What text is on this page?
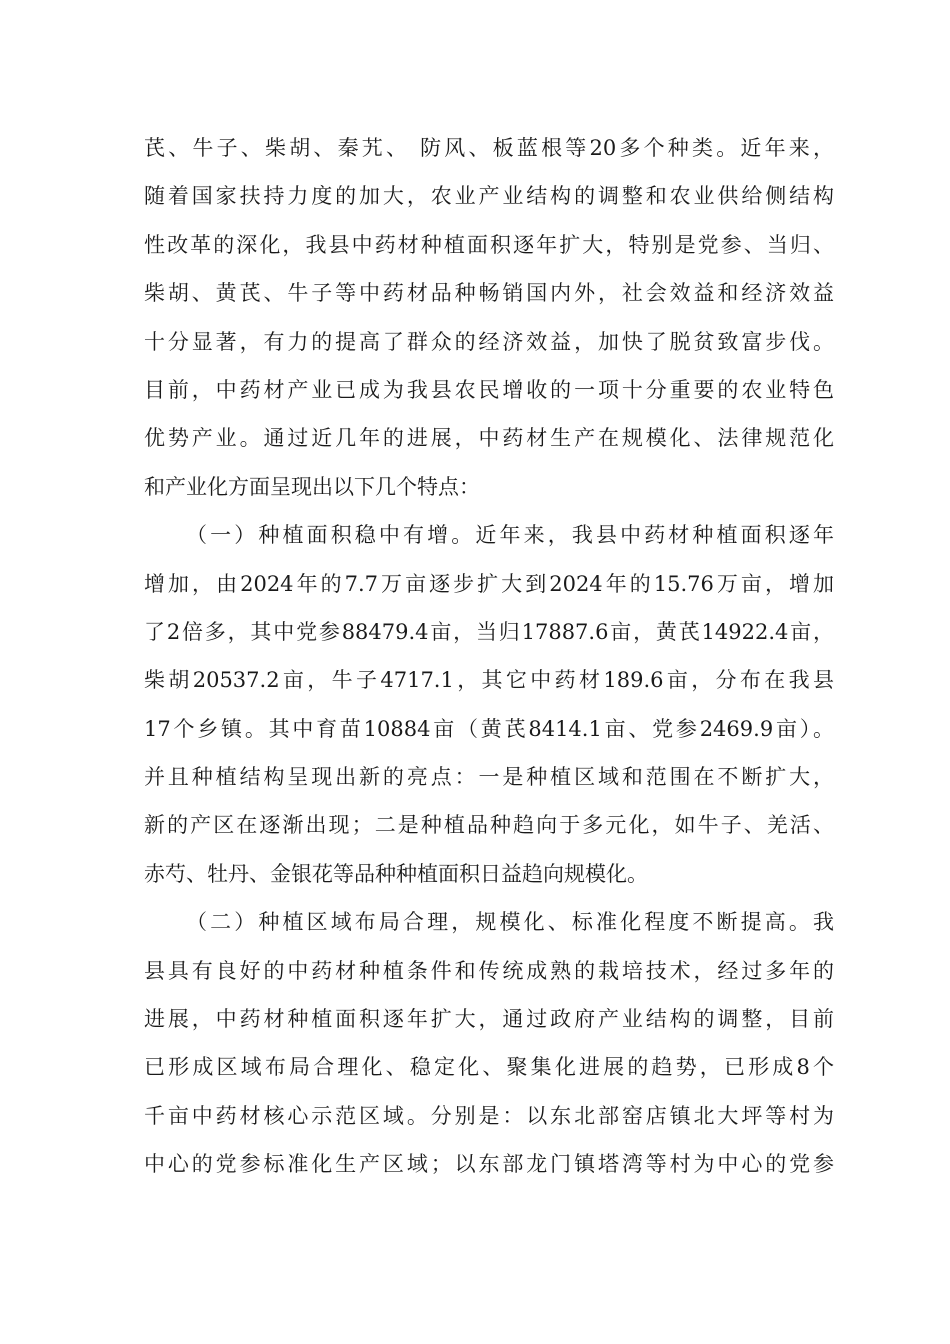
芪、牛子、柴胡、秦艽、 防风、板蓝根等20多个种类。近年来，
随着国家扶持力度的加大，农业产业结构的调整和农业供给侧结构
性改革的深化，我县中药材种植面积逐年扩大，特别是党参、当归、
柴胡、黄芪、牛子等中药材品种畅销国内外，社会效益和经济效益
十分显著，有力的提高了群众的经济效益，加快了脱贫致富步伐。
目前，中药材产业已成为我县农民增收的一项十分重要的农业特色
优势产业。通过近几年的进展，中药材生产在规模化、法律规范化
和产业化方面呈现出以下几个特点：
（一）种植面积稳中有增。近年来，我县中药材种植面积逐年
增加，由2024年的7.7万亩逐步扩大到2024年的15.76万亩，增加
了2倍多，其中党参88479.4亩，当归17887.6亩，黄芪14922.4亩，
柴胡20537.2亩，牛子4717.1，其它中药材189.6亩，分布在我县
17个乡镇。其中育苗10884亩（黄芪8414.1亩、党参2469.9亩）。
并且种植结构呈现出新的亮点：一是种植区域和范围在不断扩大，
新的产区在逐渐出现；二是种植品种趋向于多元化，如牛子、羌活、
赤芍、牡丹、金银花等品种种植面积日益趋向规模化。
（二）种植区域布局合理，规模化、标准化程度不断提高。我
县具有良好的中药材种植条件和传统成熟的栽培技术，经过多年的
进展，中药材种植面积逐年扩大，通过政府产业结构的调整，目前
已形成区域布局合理化、稳定化、聚集化进展的趋势，已形成8个
千亩中药材核心示范区域。分别是：以东北部窑店镇北大坪等村为
中心的党参标准化生产区域；以东部龙门镇塔湾等村为中心的党参
